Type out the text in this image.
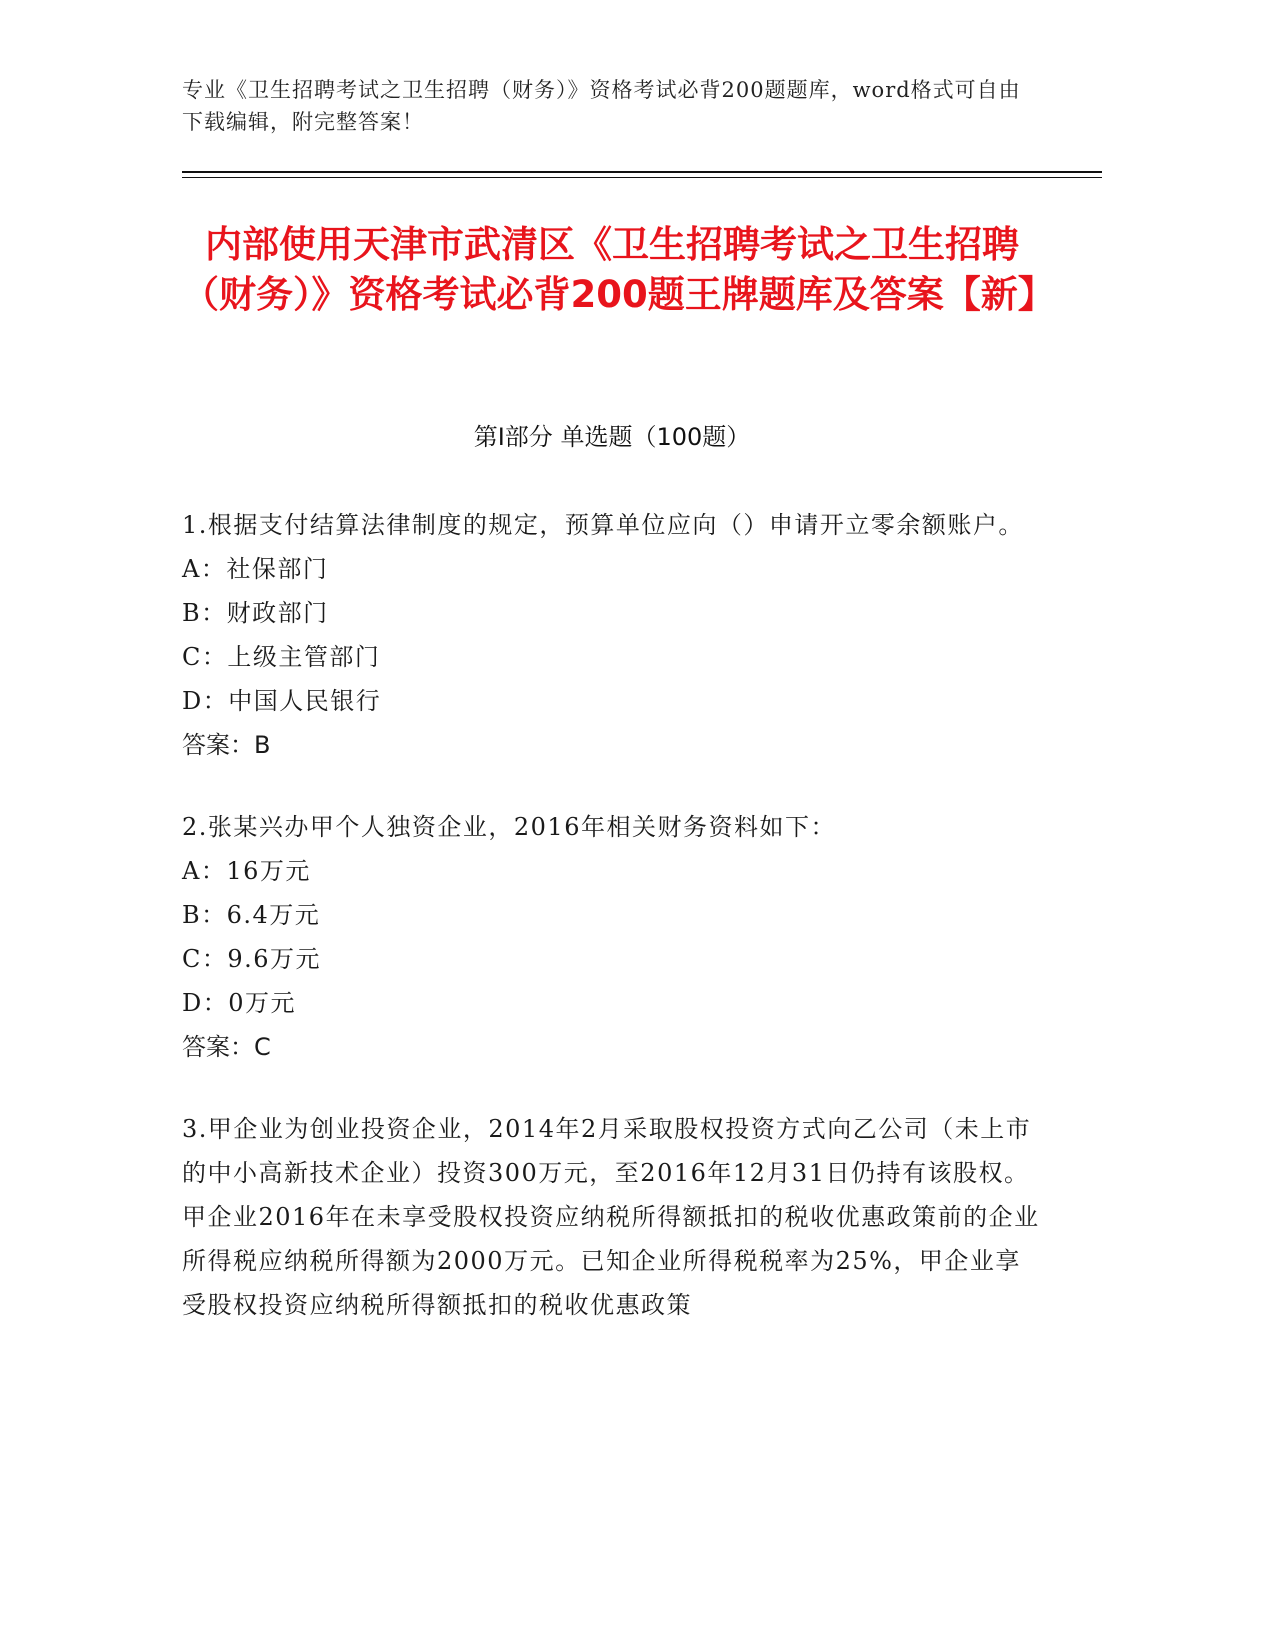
专业《卫生招聘考试之卫生招聘（财务）》资格考试必背200题题库，word格式可自由下载编辑，附完整答案！
内部使用天津市武清区《卫生招聘考试之卫生招聘（财务）》资格考试必背200题王牌题库及答案【新】
第I部分 单选题（100题）

1.根据支付结算法律制度的规定，预算单位应向（）申请开立零余额账户。

A：社保部门

B：财政部门

C：上级主管部门

D：中国人民银行

答案：B

2.张某兴办甲个人独资企业，2016年相关财务资料如下：

A：16万元

B：6.4万元

C：9.6万元

D：0万元

答案：C

3.甲企业为创业投资企业，2014年2月采取股权投资方式向乙公司（未上市的中小高新技术企业）投资300万元，至2016年12月31日仍持有该股权。甲企业2016年在未享受股权投资应纳税所得额抵扣的税收优惠政策前的企业所得税应纳税所得额为2000万元。已知企业所得税税率为25%，甲企业享受股权投资应纳税所得额抵扣的税收优惠政策
